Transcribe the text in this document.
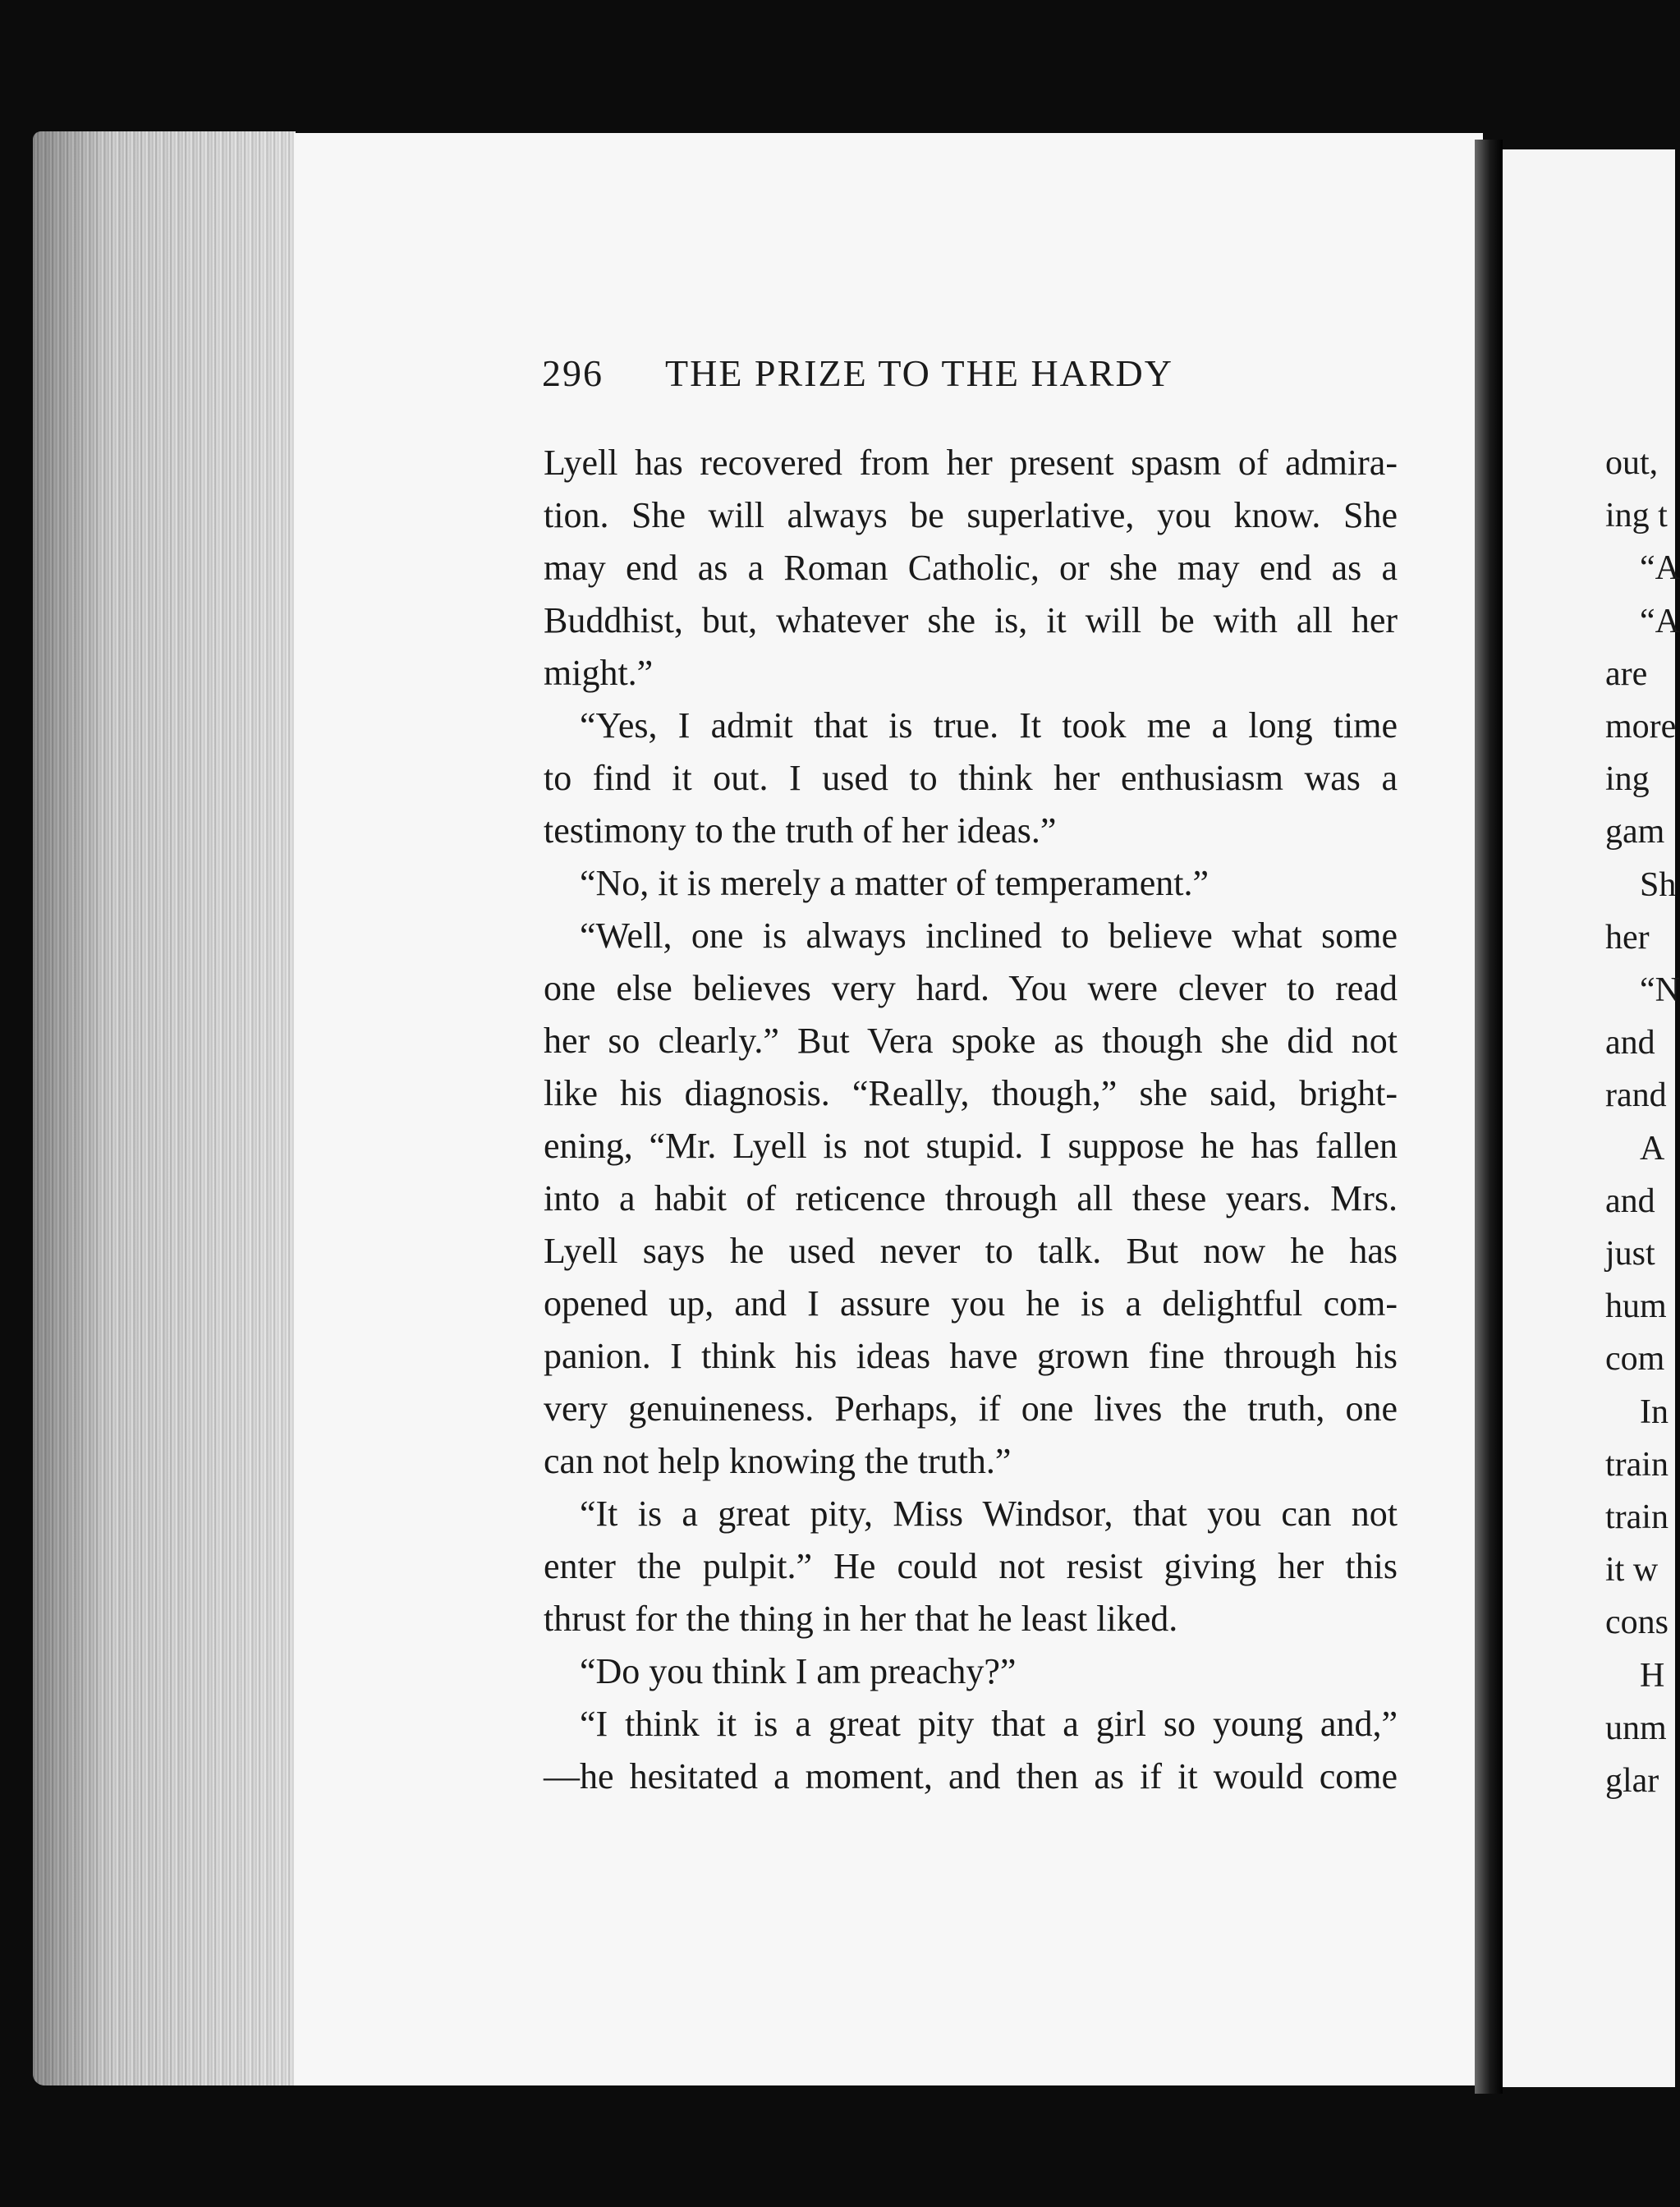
296 THE PRIZE TO THE HARDY
Lyell has recovered from her present spasm of admira-
tion. She will always be superlative, you know. She
may end as a Roman Catholic, or she may end as a
Buddhist, but, whatever she is, it will be with all her
might.”
“Yes, I admit that is true. It took me a long time
to find it out. I used to think her enthusiasm was a
testimony to the truth of her ideas.”
“No, it is merely a matter of temperament.”
“Well, one is always inclined to believe what some
one else believes very hard. You were clever to read
her so clearly.” But Vera spoke as though she did not
like his diagnosis. “Really, though,” she said, bright-
ening, “Mr. Lyell is not stupid. I suppose he has fallen
into a habit of reticence through all these years. Mrs.
Lyell says he used never to talk. But now he has
opened up, and I assure you he is a delightful com-
panion. I think his ideas have grown fine through his
very genuineness. Perhaps, if one lives the truth, one
can not help knowing the truth.”
“It is a great pity, Miss Windsor, that you can not
enter the pulpit.” He could not resist giving her this
thrust for the thing in her that he least liked.
“Do you think I am preachy?”
“I think it is a great pity that a girl so young and,”
—he hesitated a moment, and then as if it would come
out,
ing t
“A
“A
are
more
ing
gam
Sh
her
“N
and
rand
A
and
just
hum
com
In
train
train
it w
cons
H
unm
glar
